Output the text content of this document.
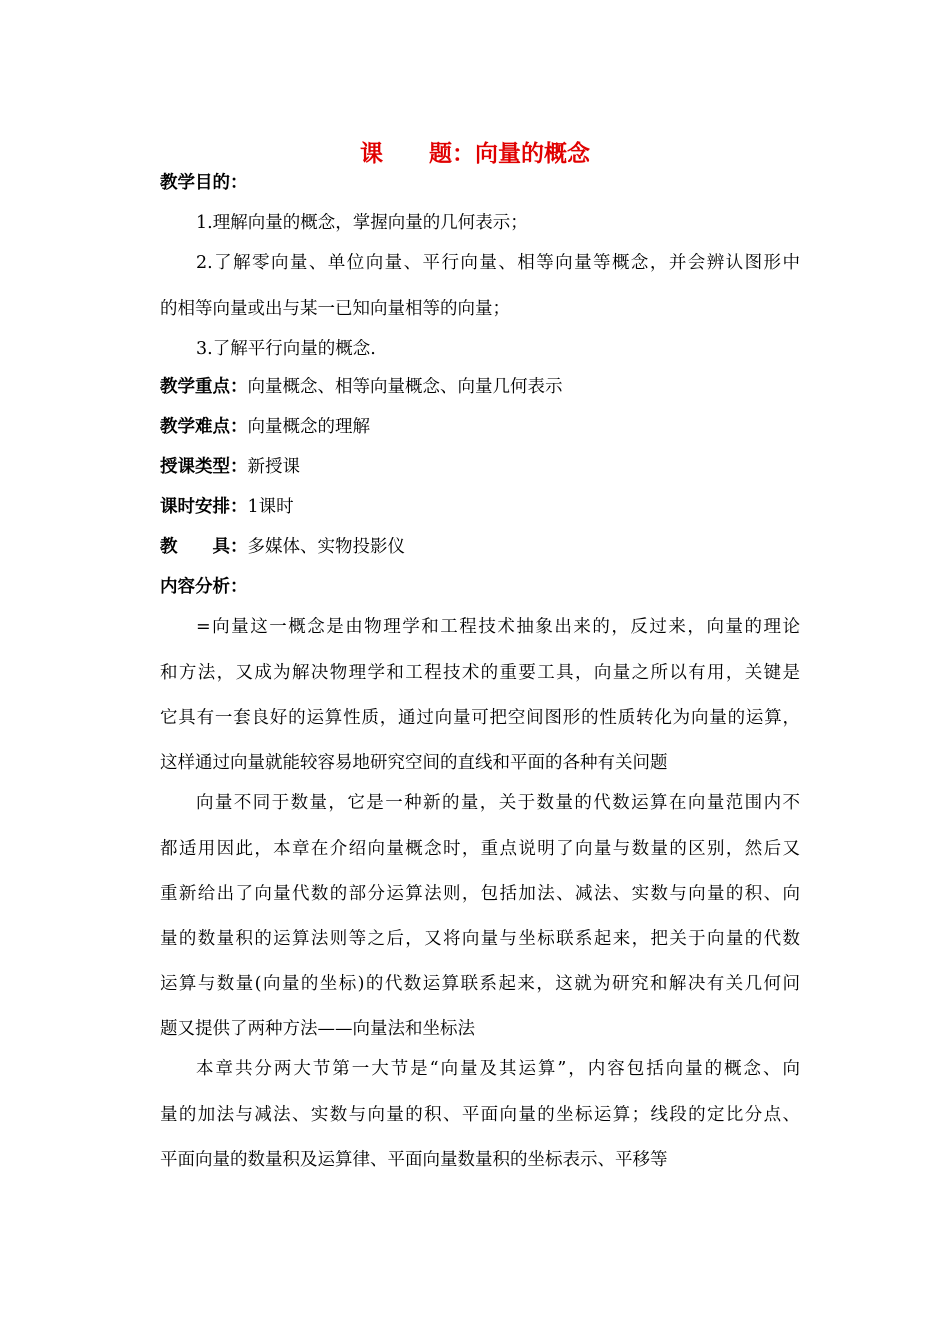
课　　题：向量的概念
教学目的：
1.理解向量的概念，掌握向量的几何表示；
2.了解零向量、单位向量、平行向量、相等向量等概念，并会辨认图形中
的相等向量或出与某一已知向量相等的向量；
3.了解平行向量的概念.
教学重点：向量概念、相等向量概念、向量几何表示
教学难点：向量概念的理解
授课类型：新授课
课时安排：1课时
教　　具：多媒体、实物投影仪
内容分析：
=向量这一概念是由物理学和工程技术抽象出来的，反过来，向量的理论
和方法，又成为解决物理学和工程技术的重要工具，向量之所以有用，关键是
它具有一套良好的运算性质，通过向量可把空间图形的性质转化为向量的运算，
这样通过向量就能较容易地研究空间的直线和平面的各种有关问题
向量不同于数量，它是一种新的量，关于数量的代数运算在向量范围内不
都适用因此，本章在介绍向量概念时，重点说明了向量与数量的区别，然后又
重新给出了向量代数的部分运算法则，包括加法、减法、实数与向量的积、向
量的数量积的运算法则等之后，又将向量与坐标联系起来，把关于向量的代数
运算与数量(向量的坐标)的代数运算联系起来，这就为研究和解决有关几何问
题又提供了两种方法——向量法和坐标法
本章共分两大节第一大节是“向量及其运算”，内容包括向量的概念、向
量的加法与减法、实数与向量的积、平面向量的坐标运算；线段的定比分点、
平面向量的数量积及运算律、平面向量数量积的坐标表示、平移等
